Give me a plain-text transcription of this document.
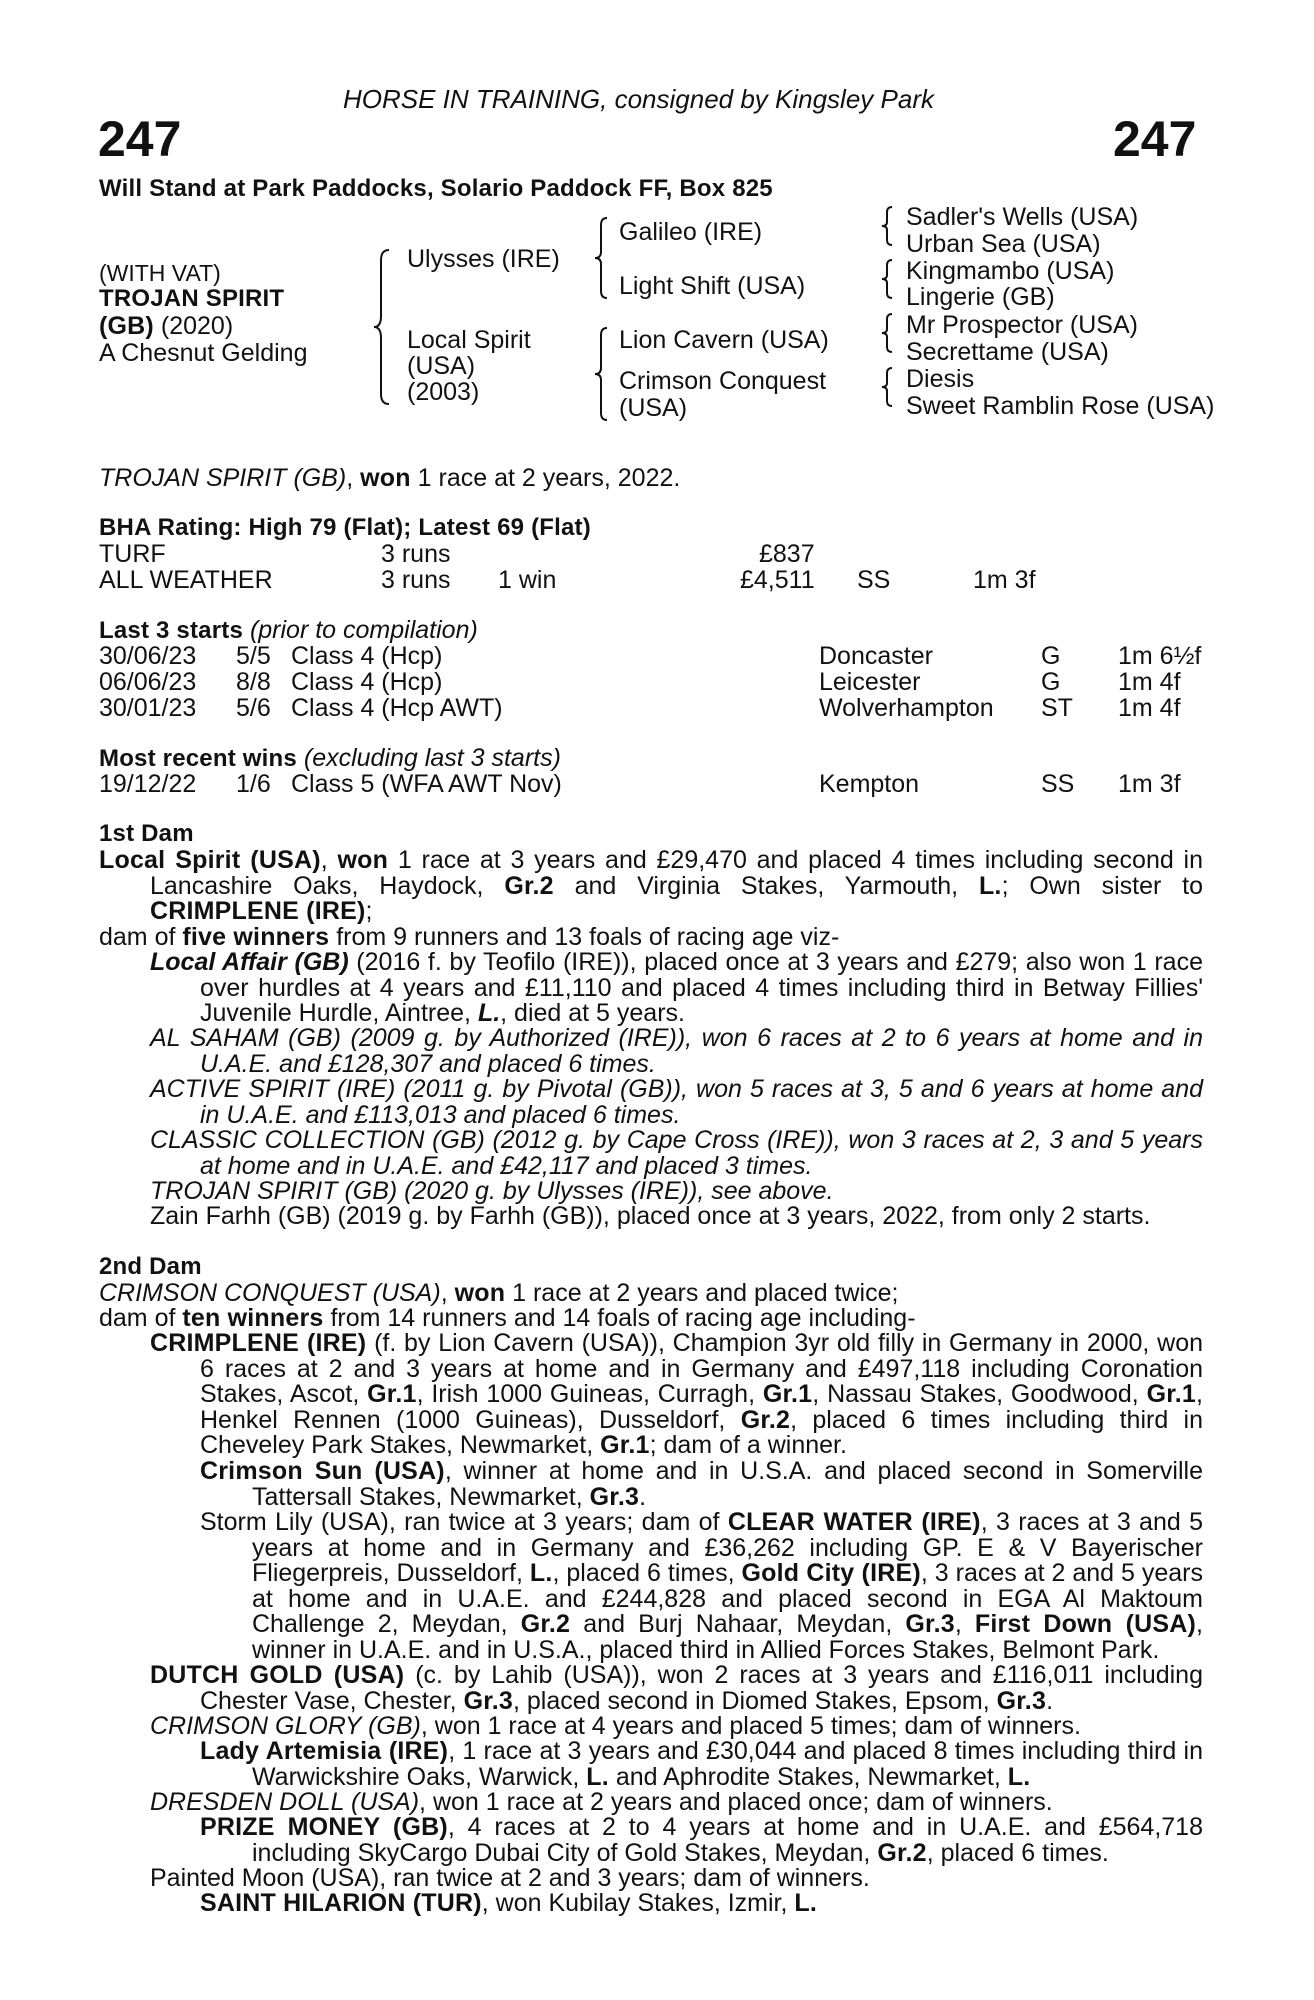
HORSE IN TRAINING, consigned by Kingsley Park
247	247
Will Stand at Park Paddocks, Solario Paddock FF, Box 825
(WITH VAT)
TROJAN SPIRIT
(GB) (2020)
A Chesnut Gelding
Ulysses (IRE)
Local Spirit
(USA)
(2003)
Galileo (IRE)
Light Shift (USA)
Lion Cavern (USA)
Crimson Conquest
(USA)
Sadler's Wells (USA)
Urban Sea (USA)
Kingmambo (USA)
Lingerie (GB)
Mr Prospector (USA)
Secrettame (USA)
Diesis
Sweet Ramblin Rose (USA)
TROJAN SPIRIT (GB), won 1 race at 2 years, 2022.
BHA Rating: High 79 (Flat); Latest 69 (Flat)
TURF	3 runs	£837
ALL WEATHER	3 runs 1 win	£4,511 SS	1m 3f
Last 3 starts (prior to compilation)
30/06/23 5/5 Class 4 (Hcp)	Doncaster	G 1m 6½f
06/06/23 8/8 Class 4 (Hcp)	Leicester	G 1m 4f
30/01/23 5/6 Class 4 (Hcp AWT)	Wolverhampton ST 1m 4f
Most recent wins (excluding last 3 starts)
19/12/22 1/6 Class 5 (WFA AWT Nov)	Kempton	SS 1m 3f
1st Dam

Local Spirit (USA), won 1 race at 3 years and £29,470 and placed 4 times including second in Lancashire Oaks, Haydock, Gr.2 and Virginia Stakes, Yarmouth, L.; Own sister to CRIMPLENE (IRE);

dam of five winners from 9 runners and 13 foals of racing age viz-

Local Affair (GB) (2016 f. by Teofilo (IRE)), placed once at 3 years and £279; also won 1 race over hurdles at 4 years and £11,110 and placed 4 times including third in Betway Fillies' Juvenile Hurdle, Aintree, L., died at 5 years.

AL SAHAM (GB) (2009 g. by Authorized (IRE)), won 6 races at 2 to 6 years at home and in U.A.E. and £128,307 and placed 6 times.

ACTIVE SPIRIT (IRE) (2011 g. by Pivotal (GB)), won 5 races at 3, 5 and 6 years at home and in U.A.E. and £113,013 and placed 6 times.

CLASSIC COLLECTION (GB) (2012 g. by Cape Cross (IRE)), won 3 races at 2, 3 and 5 years at home and in U.A.E. and £42,117 and placed 3 times.

TROJAN SPIRIT (GB) (2020 g. by Ulysses (IRE)), see above.
Zain Farhh (GB) (2019 g. by Farhh (GB)), placed once at 3 years, 2022, from only 2 starts.
2nd Dam
CRIMSON CONQUEST (USA), won 1 race at 2 years and placed twice;
dam of ten winners from 14 runners and 14 foals of racing age including-

CRIMPLENE (IRE) (f. by Lion Cavern (USA)), Champion 3yr old filly in Germany in 2000, won 6 races at 2 and 3 years at home and in Germany and £497,118 including Coronation Stakes, Ascot, Gr.1, Irish 1000 Guineas, Curragh, Gr.1, Nassau Stakes, Goodwood, Gr.1, Henkel Rennen (1000 Guineas), Dusseldorf, Gr.2, placed 6 times including third in Cheveley Park Stakes, Newmarket, Gr.1; dam of a winner.

Crimson Sun (USA), winner at home and in U.S.A. and placed second in Somerville Tattersall Stakes, Newmarket, Gr.3.

Storm Lily (USA), ran twice at 3 years; dam of CLEAR WATER (IRE), 3 races at 3 and 5 years at home and in Germany and £36,262 including GP. E & V Bayerischer Fliegerpreis, Dusseldorf, L., placed 6 times, Gold City (IRE), 3 races at 2 and 5 years at home and in U.A.E. and £244,828 and placed second in EGA Al Maktoum Challenge 2, Meydan, Gr.2 and Burj Nahaar, Meydan, Gr.3, First Down (USA), winner in U.A.E. and in U.S.A., placed third in Allied Forces Stakes, Belmont Park.

DUTCH GOLD (USA) (c. by Lahib (USA)), won 2 races at 3 years and £116,011 including Chester Vase, Chester, Gr.3, placed second in Diomed Stakes, Epsom, Gr.3.

CRIMSON GLORY (GB), won 1 race at 4 years and placed 5 times; dam of winners.

Lady Artemisia (IRE), 1 race at 3 years and £30,044 and placed 8 times including third in Warwickshire Oaks, Warwick, L. and Aphrodite Stakes, Newmarket, L.

DRESDEN DOLL (USA), won 1 race at 2 years and placed once; dam of winners.

PRIZE MONEY (GB), 4 races at 2 to 4 years at home and in U.A.E. and £564,718 including SkyCargo Dubai City of Gold Stakes, Meydan, Gr.2, placed 6 times.

Painted Moon (USA), ran twice at 2 and 3 years; dam of winners.
SAINT HILARION (TUR), won Kubilay Stakes, Izmir, L.
